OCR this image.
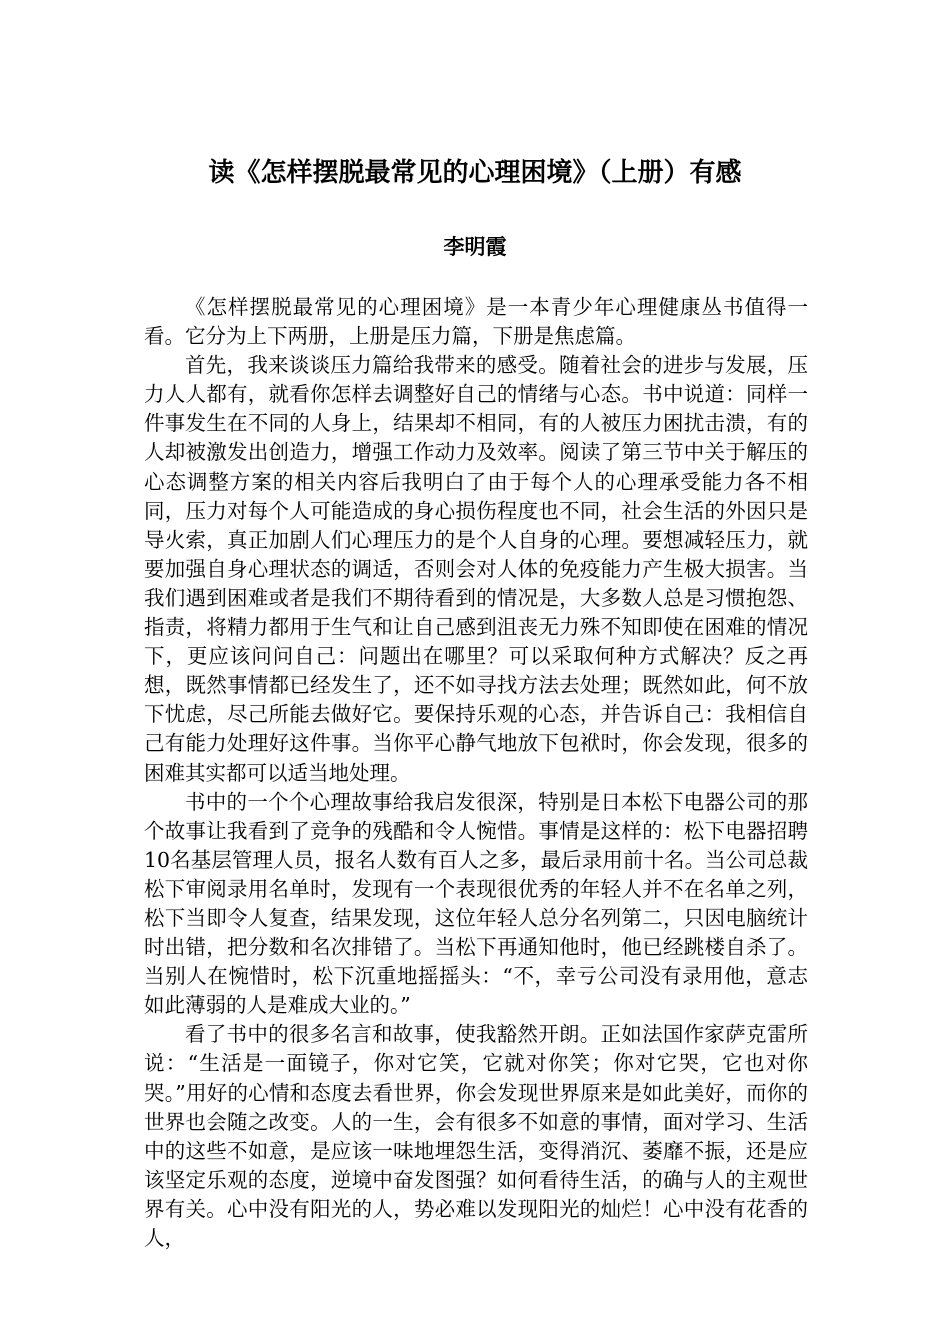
读《怎样摆脱最常见的心理困境》（上册）有感
李明霞

《怎样摆脱最常见的心理困境》是一本青少年心理健康丛书值得一看。它分为上下两册，上册是压力篇，下册是焦虑篇。

首先，我来谈谈压力篇给我带来的感受。随着社会的进步与发展，压力人人都有，就看你怎样去调整好自己的情绪与心态。书中说道：同样一件事发生在不同的人身上，结果却不相同，有的人被压力困扰击溃，有的人却被激发出创造力，增强工作动力及效率。阅读了第三节中关于解压的心态调整方案的相关内容后我明白了由于每个人的心理承受能力各不相同，压力对每个人可能造成的身心损伤程度也不同，社会生活的外因只是导火索，真正加剧人们心理压力的是个人自身的心理。要想减轻压力，就要加强自身心理状态的调适，否则会对人体的免疫能力产生极大损害。当我们遇到困难或者是我们不期待看到的情况是，大多数人总是习惯抱怨、指责，将精力都用于生气和让自己感到沮丧无力殊不知即使在困难的情况下，更应该问问自己：问题出在哪里？可以采取何种方式解决？反之再想，既然事情都已经发生了，还不如寻找方法去处理；既然如此，何不放下忧虑，尽己所能去做好它。要保持乐观的心态，并告诉自己：我相信自己有能力处理好这件事。当你平心静气地放下包袱时，你会发现，很多的困难其实都可以适当地处理。

书中的一个个心理故事给我启发很深，特别是日本松下电器公司的那个故事让我看到了竞争的残酷和令人惋惜。事情是这样的：松下电器招聘10名基层管理人员，报名人数有百人之多，最后录用前十名。当公司总裁松下审阅录用名单时，发现有一个表现很优秀的年轻人并不在名单之列，松下当即令人复查，结果发现，这位年轻人总分名列第二，只因电脑统计时出错，把分数和名次排错了。当松下再通知他时，他已经跳楼自杀了。当别人在惋惜时，松下沉重地摇摇头：“不，幸亏公司没有录用他，意志如此薄弱的人是难成大业的。”

看了书中的很多名言和故事，使我豁然开朗。正如法国作家萨克雷所说：“生活是一面镜子，你对它笑，它就对你笑；你对它哭，它也对你哭。”用好的心情和态度去看世界，你会发现世界原来是如此美好，而你的世界也会随之改变。人的一生，会有很多不如意的事情，面对学习、生活中的这些不如意，是应该一味地埋怨生活，变得消沉、萎靡不振，还是应该坚定乐观的态度，逆境中奋发图强？如何看待生活，的确与人的主观世界有关。心中没有阳光的人，势必难以发现阳光的灿烂！心中没有花香的人，
